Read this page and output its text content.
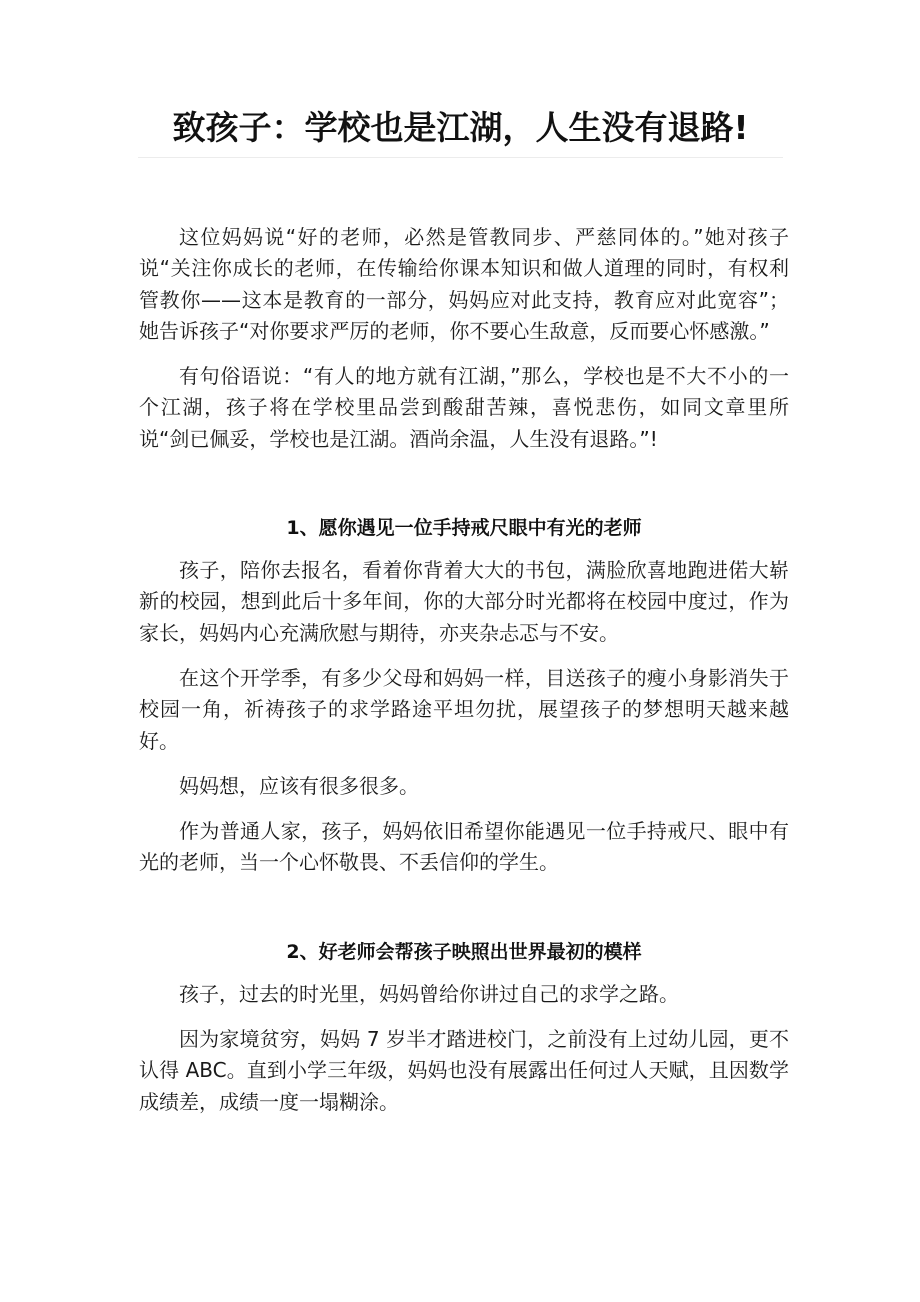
致孩子：学校也是江湖，人生没有退路!

这位妈妈说“好的老师，必然是管教同步、严慈同体的。”她对孩子说“关注你成长的老师，在传输给你课本知识和做人道理的同时，有权利管教你——这本是教育的一部分，妈妈应对此支持，教育应对此宽容”；她告诉孩子“对你要求严厉的老师，你不要心生敌意，反而要心怀感激。”

有句俗语说：“有人的地方就有江湖，”那么，学校也是不大不小的一个江湖，孩子将在学校里品尝到酸甜苦辣，喜悦悲伤，如同文章里所说“剑已佩妥，学校也是江湖。酒尚余温，人生没有退路。”!

1、愿你遇见一位手持戒尺眼中有光的老师

孩子，陪你去报名，看着你背着大大的书包，满脸欣喜地跑进偌大崭新的校园，想到此后十多年间，你的大部分时光都将在校园中度过，作为家长，妈妈内心充满欣慰与期待，亦夹杂忐忑与不安。

在这个开学季，有多少父母和妈妈一样，目送孩子的瘦小身影消失于校园一角，祈祷孩子的求学路途平坦勿扰，展望孩子的梦想明天越来越好。

妈妈想，应该有很多很多。

作为普通人家，孩子，妈妈依旧希望你能遇见一位手持戒尺、眼中有光的老师，当一个心怀敬畏、不丢信仰的学生。

2、好老师会帮孩子映照出世界最初的模样

孩子，过去的时光里，妈妈曾给你讲过自己的求学之路。

因为家境贫穷，妈妈 7 岁半才踏进校门，之前没有上过幼儿园，更不认得 ABC。直到小学三年级，妈妈也没有展露出任何过人天赋，且因数学成绩差，成绩一度一塌糊涂。
